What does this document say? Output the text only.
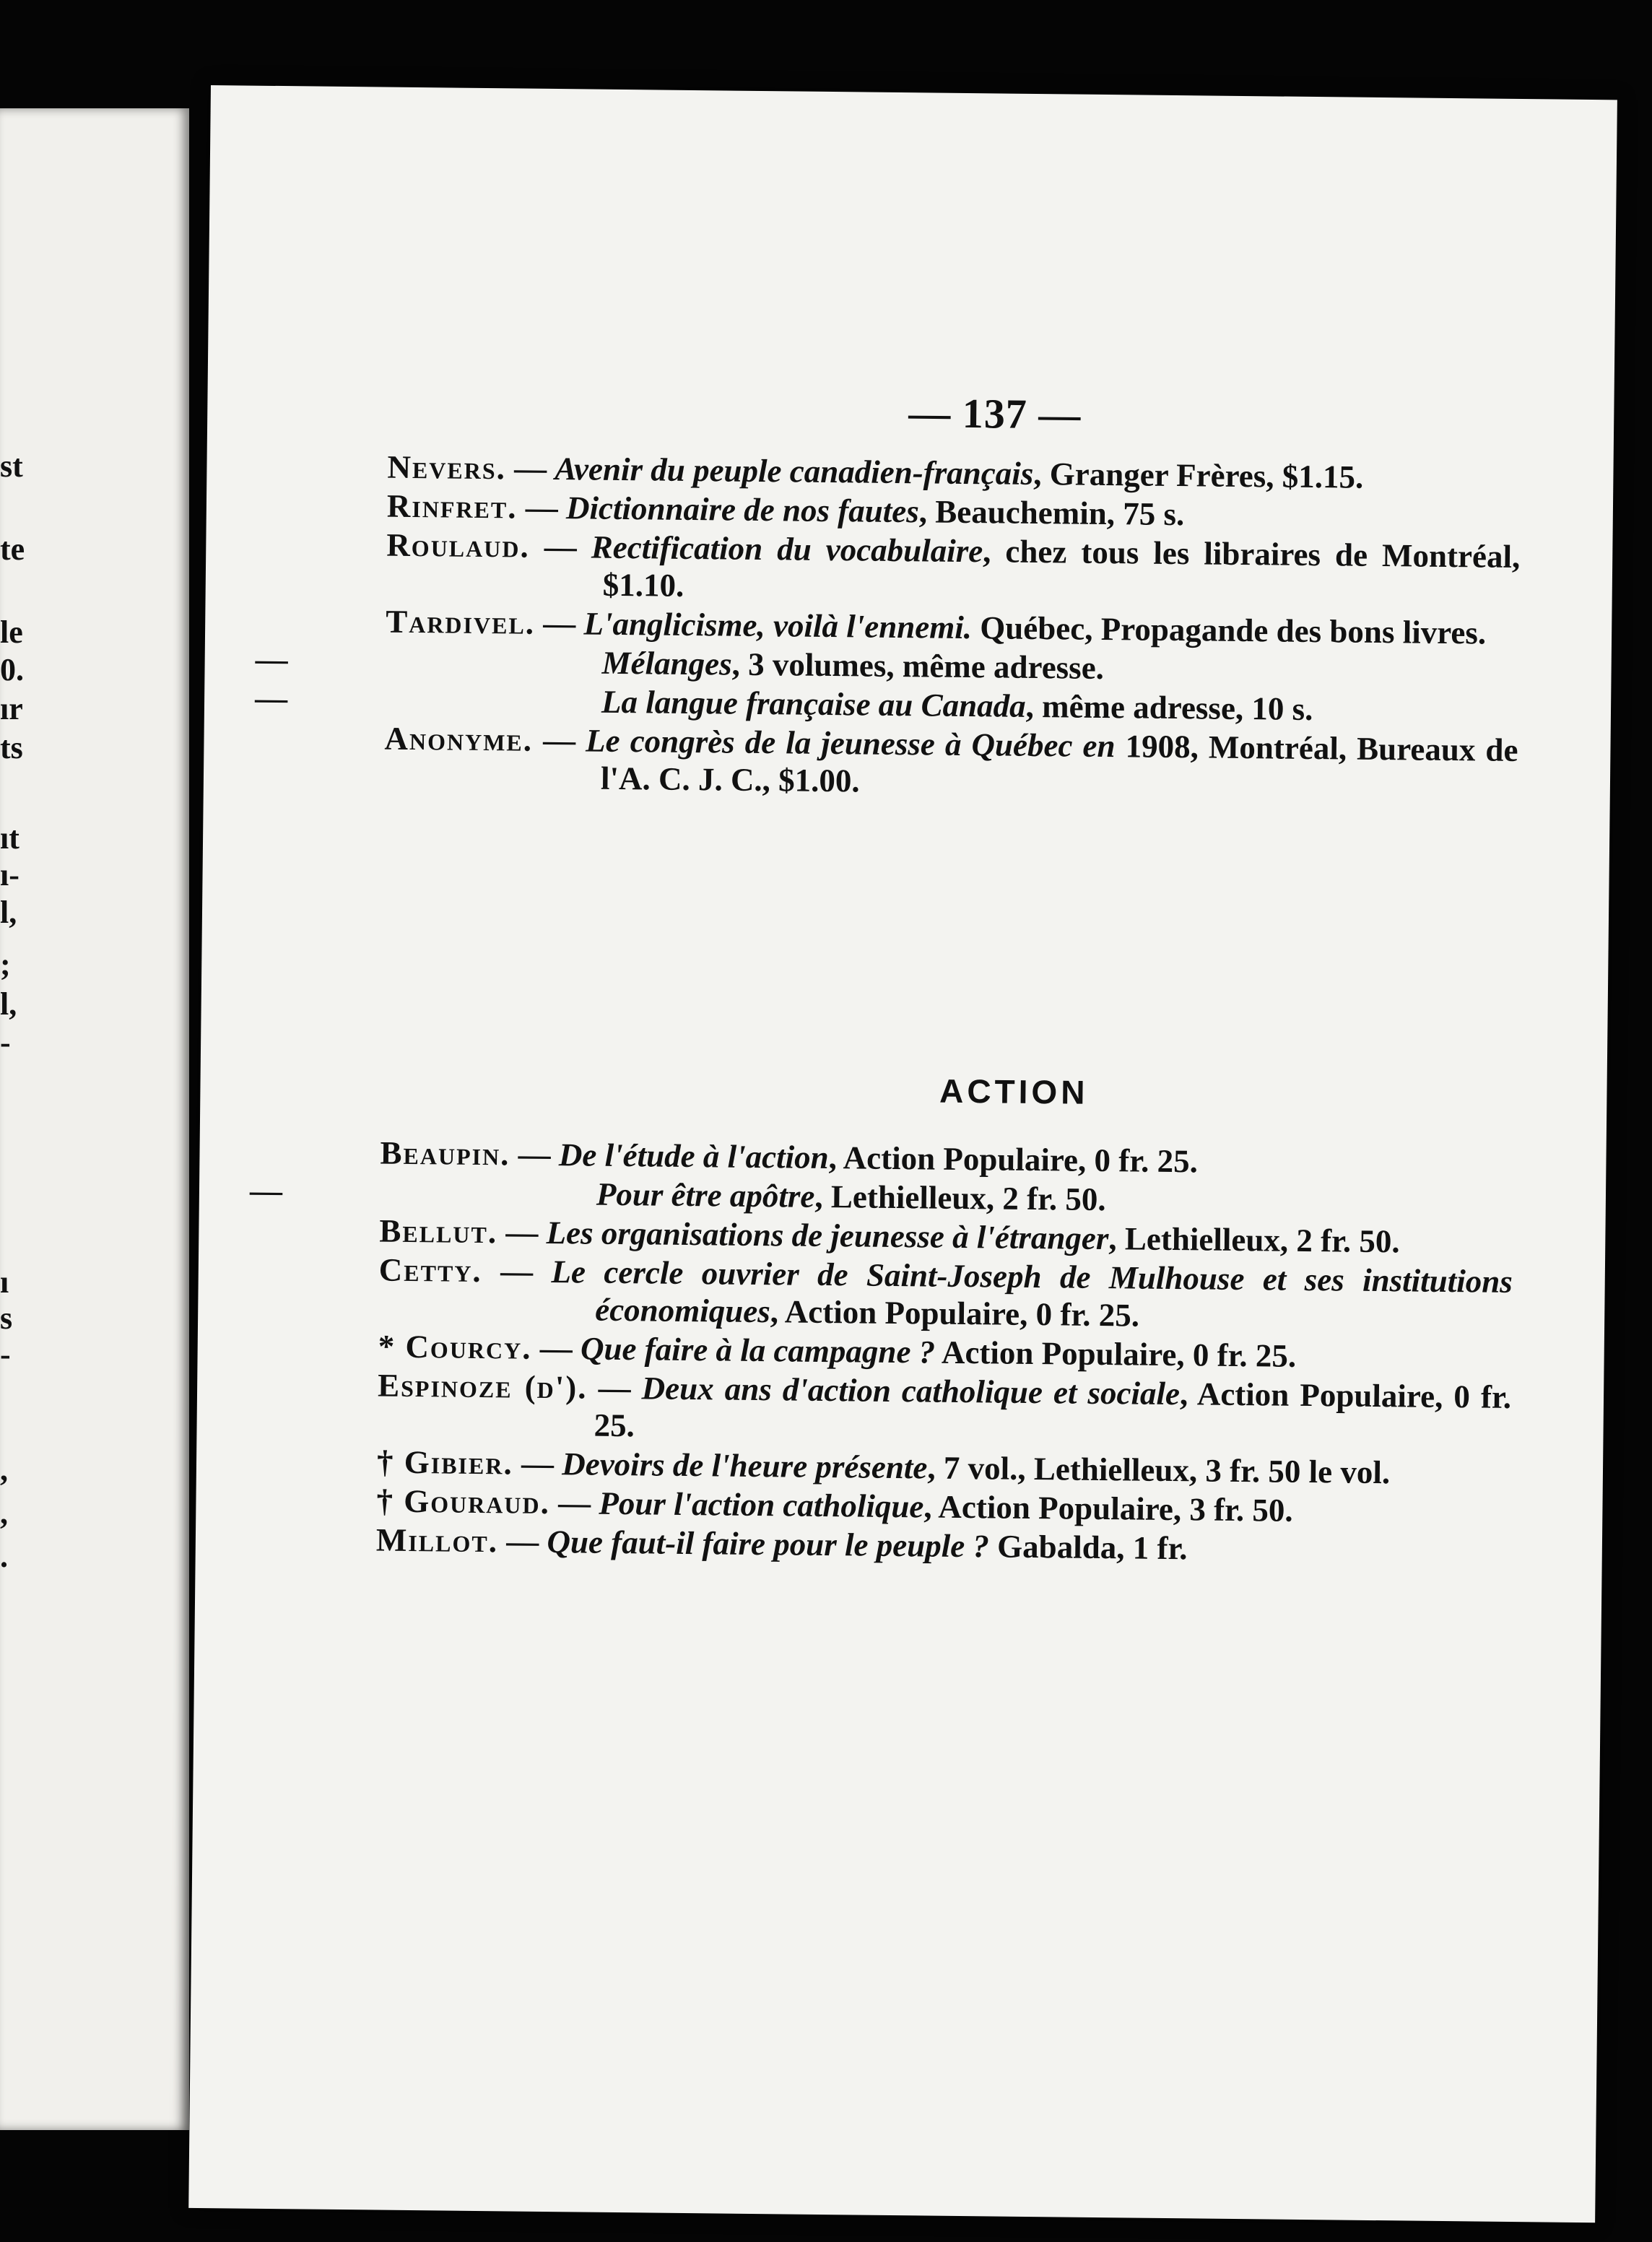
st
te
le
0.
ır
ts
ıt
ı-
l,
;
l,
-
ı
s
-
,
,
.
— 137 —

Nevers. — Avenir du peuple canadien-français, Granger Frères, $1.15.

Rinfret. — Dictionnaire de nos fautes, Beauchemin, 75 s.

Roulaud. — Rectification du vocabulaire, chez tous les libraires de Montréal, $1.10.

Tardivel. — L'anglicisme, voilà l'ennemi. Québec, Propagande des bons livres.

—	Mélanges, 3 volumes, même adresse.

—	La langue française au Canada, même adresse, 10 s.

Anonyme. — Le congrès de la jeunesse à Québec en 1908, Montréal, Bureaux de l'A. C. J. C., $1.00.

ACTION

Beaupin. — De l'étude à l'action, Action Populaire, 0 fr. 25.

—	Pour être apôtre, Lethielleux, 2 fr. 50.

Bellut. — Les organisations de jeunesse à l'étranger, Lethielleux, 2 fr. 50.

Cetty. — Le cercle ouvrier de Saint-Joseph de Mulhouse et ses institutions économiques, Action Populaire, 0 fr. 25.

* Courcy. — Que faire à la campagne ? Action Populaire, 0 fr. 25.

Espinoze (d'). — Deux ans d'action catholique et sociale, Action Populaire, 0 fr. 25.

† Gibier. — Devoirs de l'heure présente, 7 vol., Lethielleux, 3 fr. 50 le vol.

† Gouraud. — Pour l'action catholique, Action Populaire, 3 fr. 50.

Millot. — Que faut-il faire pour le peuple ? Gabalda, 1 fr.
